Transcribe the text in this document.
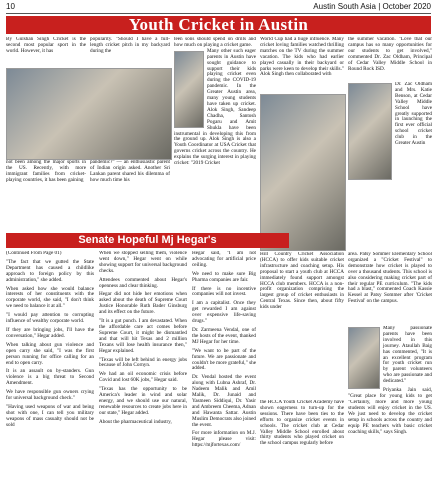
10	Austin South Asia | October 2020
Youth Cricket in Austin
By Gulshan Singh Cricket is the second most popular sport in the world. However, it has
not been among the major sports in the US. Recently, with more immigrant families from cricket-playing countries, it has been gaining
popularity. "Should I have a full-length cricket pitch in my backyard during the
pandemic?" — an enthusiastic parent of Indian origin asked. Another Sri Lankan parent shared his dilemma of how much time his

teen sons should spend on drills and how much on playing a cricket game.

Many other such eager parents in Austin have sought guidance to support their kids playing cricket even during the COVID-19 pandemic. In the Greater Austin area, many young students have taken up cricket. Alok Singh, Sandeep Chadha, Santosh Pogaru and Amit Shukla have been instrumental in developing this from the ground up. Alok Singh is also a Youth Coordinator at USA Cricket that governs cricket across the country. He explains the surging interest in playing cricket: "2019 Cricket

World Cup had a huge influence. Many cricket loving families watched thrilling matches on the TV during the summer vacation. The kids who had earlier played casually in their backyard or parks were keen to develop their skills." Alok Singh then collaborated with
Hill Country Cricket Association (HCCA) to offer kids suitable cricket infrastructure and coaching setup. His proposal to start a youth club at HCCA immediately found support amongst HCCA club members. HCCA is a non-profit organization comprising the largest group of cricket enthusiasts in Central Texas. Since then, about fifty kids under
the summer vacation. "Love that our campus has so many opportunities for our students to get involved," commented Dr. Zac Oldham, Principal of Cedar Valley Middle School in Round Rock ISD.
Dr. Zac Oldham and Mrs. Katie Benson, at Cedar Valley Middle School have greatly supported in launching the first ever official school cricket club in the Greater Austin
area. Patsy Sommer Elementary School organized a "Cricket Festival" to demonstrate how cricket is played to over a thousand students. This school is also considering making cricket part of their regular PE curriculum. "The kids had a blast," commented Coach Kassie Kessel at Patsy Sommer after 'Cricket Festival' on the campus.

Many passionate parents have been involved in this journey. Ataullah Baig has commented, "It is an excellent program for youth cricket run by parent volunteers who are passionate and dedicated."

Priyanka Jain said, "Great place for young kids to get

the HCCA Youth Cricket Academy have shown eagerness to turn-up for the sessions. There have been ties to the efforts to organize cricket events in schools. The cricket club at Cedar Valley Middle School enrolled about thirty students who played cricket on the school campus regularly before
"Certainly, more and more young students will enjoy cricket in the US. We just need to develop the cricket setup in schools across the country and equip PE teachers with basic cricket coaching skills," says Singh.
Senate Hopeful Mj Hegar's

(Continued From Page 01)

"The fact that we gutted the State Department has caused a childlike approach to foreign policy by this administration," she added.

When asked how she would balance interests of her constituents with the corporate world, she said, "I don't think we need to balance it at all."

"I would pay attention to corrupting influence of wealthy corporate world.

If they are bringing jobs, I'll have the conversation," Hegar added.

When talking about gun violence and open carry she said, "I was the first person running for office calling for an end to open carry.

It is an assault on by-standers. Gun violence is a big threat to Second Amendment.

We have responsible gun owners crying for universal background check."

"Having used weapons of war and being shot with one, I can tell you military weapons of mass casualty should not be sold

When we stopped selling them, violence went down," Hegar went on while showing support for universal background checks.

Attendees commented about Hegar's openness and clear thinking.

Hegar did not hide her emotions when asked about the death of Supreme Court Justice Honorable Ruth Bader Ginsburg and its effect on the future.

"It is a gut punch. I am devastated. When the affordable care act comes before Supreme Court, it might be dismantled and that will hit Texas and 2 million Texans will lose health insurance then," Hegar explained.

"Texas will be left behind in energy jobs because of John Cornyn.

We had an oil economic crisis before Covid and lost 60K jobs," Hegar said.

"Texas has the opportunity to be America's leader in wind and solar energy, and we should use our natural, renewable resources to create jobs here in our state," Hegar added.

About the pharmaceutical industry,

Hegar said, "I am not advocating for artificial price ceiling.

We need to make sure Big Pharma companies are fair.

If there is no incentive companies will not invest.

I am a capitalist. Once they get rewarded I am against over expensive life-saving drugs."

Dr. Zarmeena Vendal, one of the hosts of the event, thanked MJ Hegar for her time.

"We want to be part of the future. We are passionate and couldn't be more grateful," she added.

Dr. Vendal hosted the event along with Lubna Ashraf, Dr. Nadeem Malik and Amil Malik, Dr. Junaid and Yasmeen Siddiqui, Dr. Yasir and Ambreem Cheema, Adnan and Hawanta Sattar. Austin Muslim Democrats also joined the event.

For more information on M.J. Hegar please visit: https://mjfortexas.com/
